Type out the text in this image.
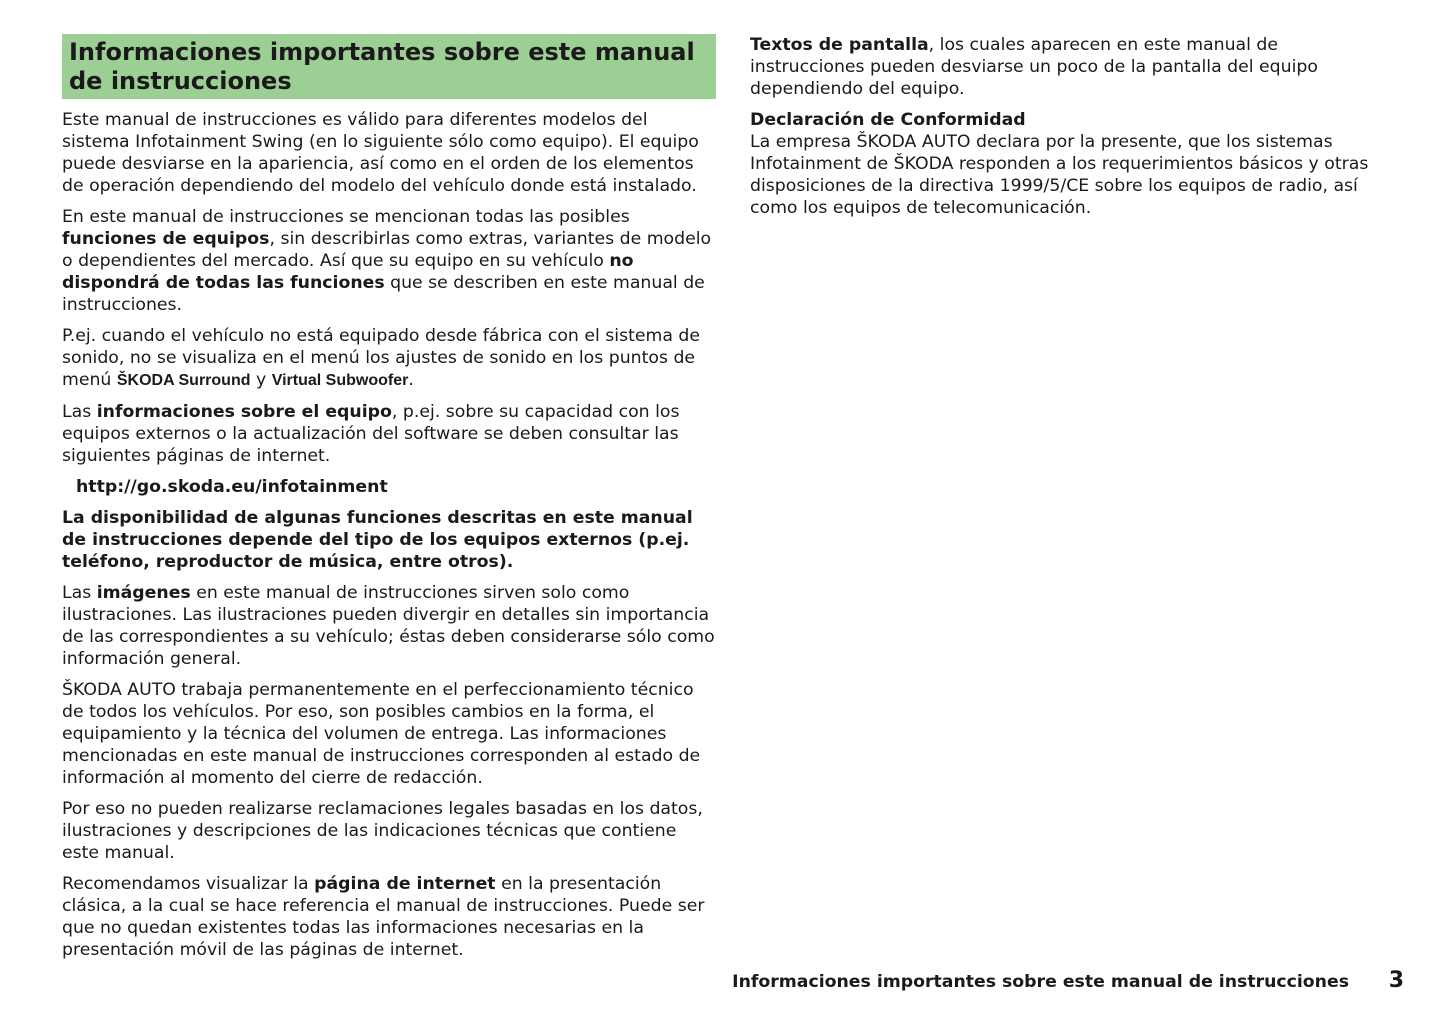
Informaciones importantes sobre este manual de instrucciones

Este manual de instrucciones es válido para diferentes modelos del sistema Infotainment Swing (en lo siguiente sólo como equipo). El equipo puede desviarse en la apariencia, así como en el orden de los elementos de operación dependiendo del modelo del vehículo donde está instalado.

En este manual de instrucciones se mencionan todas las posibles funciones de equipos, sin describirlas como extras, variantes de modelo o dependientes del mercado. Así que su equipo en su vehículo no dispondrá de todas las funciones que se describen en este manual de instrucciones.

P.ej. cuando el vehículo no está equipado desde fábrica con el sistema de sonido, no se visualiza en el menú los ajustes de sonido en los puntos de menú ŠKODA Surround y Virtual Subwoofer.

Las informaciones sobre el equipo, p.ej. sobre su capacidad con los equipos externos o la actualización del software se deben consultar las siguientes páginas de internet.

http://go.skoda.eu/infotainment

La disponibilidad de algunas funciones descritas en este manual de instrucciones depende del tipo de los equipos externos (p.ej. teléfono, reproductor de música, entre otros).

Las imágenes en este manual de instrucciones sirven solo como ilustraciones. Las ilustraciones pueden divergir en detalles sin importancia de las correspondientes a su vehículo; éstas deben considerarse sólo como información general.

ŠKODA AUTO trabaja permanentemente en el perfeccionamiento técnico de todos los vehículos. Por eso, son posibles cambios en la forma, el equipamiento y la técnica del volumen de entrega. Las informaciones mencionadas en este manual de instrucciones corresponden al estado de información al momento del cierre de redacción.

Por eso no pueden realizarse reclamaciones legales basadas en los datos, ilustraciones y descripciones de las indicaciones técnicas que contiene este manual.

Recomendamos visualizar la página de internet en la presentación clásica, a la cual se hace referencia el manual de instrucciones. Puede ser que no quedan existentes todas las informaciones necesarias en la presentación móvil de las páginas de internet.

Textos de pantalla, los cuales aparecen en este manual de instrucciones pueden desviarse un poco de la pantalla del equipo dependiendo del equipo.

Declaración de Conformidad

La empresa ŠKODA AUTO declara por la presente, que los sistemas Infotainment de ŠKODA responden a los requerimientos básicos y otras disposiciones de la directiva 1999/5/CE sobre los equipos de radio, así como los equipos de telecomunicación.

Informaciones importantes sobre este manual de instrucciones 3
